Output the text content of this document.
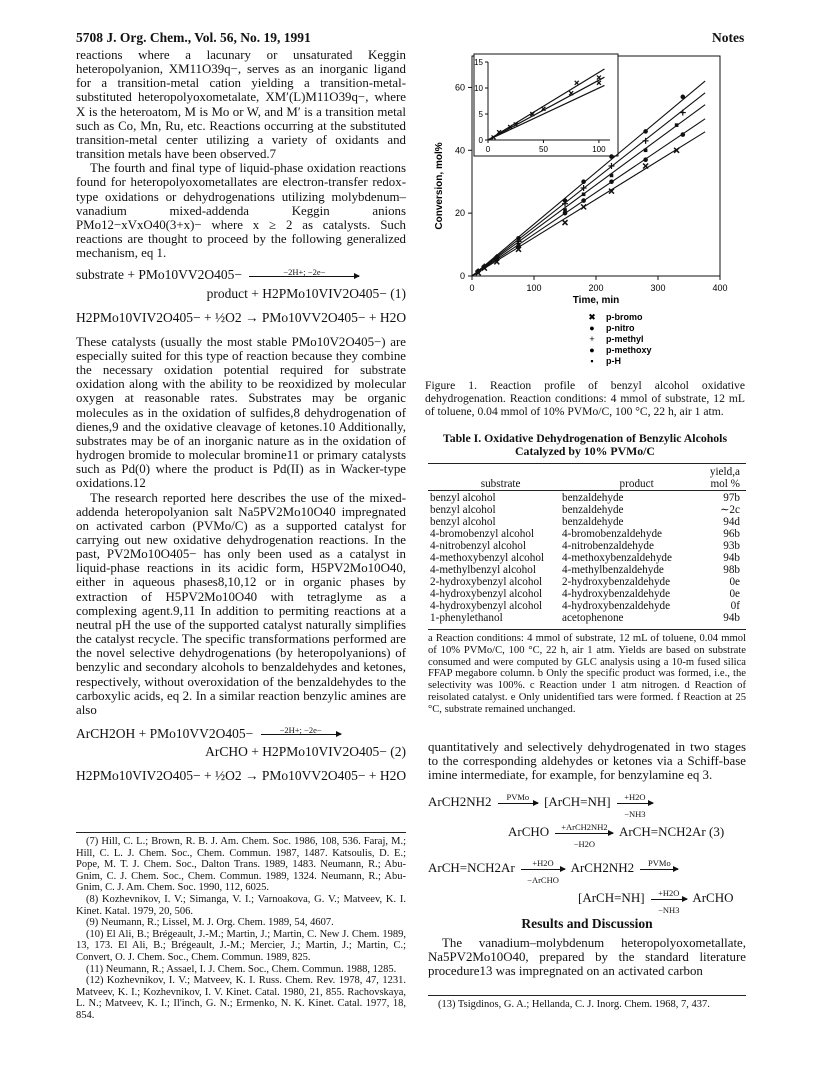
5708 J. Org. Chem., Vol. 56, No. 19, 1991	Notes

reactions where a lacunary or unsaturated Keggin heteropolyanion, XM11O39q−, serves as an inorganic ligand for a transition-metal cation yielding a transition-metal-substituted heteropolyoxometalate, XM′(L)M11O39q−, where X is the heteroatom, M is Mo or W, and M′ is a transition metal such as Co, Mn, Ru, etc. Reactions occurring at the substituted transition-metal center utilizing a variety of oxidants and transition metals have been observed.7

The fourth and final type of liquid-phase oxidation reactions found for heteropolyoxometallates are electron-transfer redox-type oxidations or dehydrogenations utilizing molybdenum–vanadium mixed-addenda Keggin anions PMo12−xVxO40(3+x)− where x ≥ 2 as catalysts. Such reactions are thought to proceed by the following generalized mechanism, eq 1.

substrate + PMo10VV2O405−	−2H+; −2e−
product + H2PMo10VIV2O405− (1)
H2PMo10VIV2O405− + ½O2 → PMo10VV2O405− + H2O

These catalysts (usually the most stable PMo10V2O405−) are especially suited for this type of reaction because they combine the necessary oxidation potential required for substrate oxidation along with the ability to be reoxidized by molecular oxygen at reasonable rates. Substrates may be organic molecules as in the oxidation of sulfides,8 dehydrogenation of dienes,9 and the oxidative cleavage of ketones.10 Additionally, substrates may be of an inorganic nature as in the oxidation of hydrogen bromide to molecular bromine11 or primary catalysts such as Pd(0) where the product is Pd(II) as in Wacker-type oxidations.12

The research reported here describes the use of the mixed-addenda heteropolyanion salt Na5PV2Mo10O40 impregnated on activated carbon (PVMo/C) as a supported catalyst for carrying out new oxidative dehydrogenation reactions. In the past, PV2Mo10O405− has only been used as a catalyst in liquid-phase reactions in its acidic form, H5PV2Mo10O40, either in aqueous phases8,10,12 or in organic phases by extraction of H5PV2Mo10O40 with tetraglyme as a complexing agent.9,11 In addition to permiting reactions at a neutral pH the use of the supported catalyst naturally simplifies the catalyst recycle. The specific transformations performed are the novel selective dehydrogenations (by heteropolyanions) of benzylic and secondary alcohols to benzaldehydes and ketones, respectively, without overoxidation of the benzaldehydes to the carboxylic acids, eq 2. In a similar reaction benzylic amines are also

ArCH2OH + PMo10VV2O405−	−2H+; −2e−
ArCHO + H2PMo10VIV2O405− (2)
H2PMo10VIV2O405− + ½O2 → PMo10VV2O405− + H2O

(7) Hill, C. L.; Brown, R. B. J. Am. Chem. Soc. 1986, 108, 536. Faraj, M.; Hill, C. L. J. Chem. Soc., Chem. Commun. 1987, 1487. Katsoulis, D. E.; Pope, M. T. J. Chem. Soc., Dalton Trans. 1989, 1483. Neumann, R.; Abu-Gnim, C. J. Chem. Soc., Chem. Commun. 1989, 1324. Neumann, R.; Abu-Gnim, C. J. Am. Chem. Soc. 1990, 112, 6025.

(8) Kozhevnikov, I. V.; Simanga, V. I.; Varnoakova, G. V.; Matveev, K. I. Kinet. Katal. 1979, 20, 506.

(9) Neumann, R.; Lissel, M. J. Org. Chem. 1989, 54, 4607.

(10) El Ali, B.; Brégeault, J.-M.; Martin, J.; Martin, C. New J. Chem. 1989, 13, 173. El Ali, B.; Brégeault, J.-M.; Mercier, J.; Martin, J.; Martin, C.; Convert, O. J. Chem. Soc., Chem. Commun. 1989, 825.

(11) Neumann, R.; Assael, I. J. Chem. Soc., Chem. Commun. 1988, 1285.

(12) Kozhevnikov, I. V.; Matveev, K. I. Russ. Chem. Rev. 1978, 47, 1231. Matveev, K. I.; Kozhevnikov, I. V. Kinet. Catal. 1980, 21, 855. Rachovskaya, L. N.; Matveev, K. I.; Il'inch, G. N.; Ermenko, N. K. Kinet. Catal. 1977, 18, 854.

0	100	200	300	400
0
20
40
60
Time, min
Conversion, mol%	0	50	100
0
5
10
15
✖ p-bromo
● p-nitro
+ p-methyl
● p-methoxy
▪ p-H
Figure 1. Reaction profile of benzyl alcohol oxidative dehydrogenation. Reaction conditions: 4 mmol of substrate, 12 mL of toluene, 0.04 mmol of 10% PVMo/C, 100 °C, 22 h, air 1 atm.
Table I. Oxidative Dehydrogenation of Benzylic Alcohols Catalyzed by 10% PVMo/C
substrate	product	yield,a mol %
benzyl alcohol	benzaldehyde	97b
benzyl alcohol	benzaldehyde	∼2c
benzyl alcohol	benzaldehyde	94d
4-bromobenzyl alcohol	4-bromobenzaldehyde	96b
4-nitrobenzyl alcohol	4-nitrobenzaldehyde	93b
4-methoxybenzyl alcohol	4-methoxybenzaldehyde	94b
4-methylbenzyl alcohol	4-methylbenzaldehyde	98b
2-hydroxybenzyl alcohol	2-hydroxybenzaldehyde	0e
4-hydroxybenzyl alcohol	4-hydroxybenzaldehyde	0e
4-hydroxybenzyl alcohol	4-hydroxybenzaldehyde	0f
1-phenylethanol	acetophenone	94b
a Reaction conditions: 4 mmol of substrate, 12 mL of toluene, 0.04 mmol of 10% PVMo/C, 100 °C, 22 h, air 1 atm. Yields are based on substrate consumed and were computed by GLC analysis using a 10-m fused silica FFAP megabore column. b Only the specific product was formed, i.e., the selectivity was 100%. c Reaction under 1 atm nitrogen. d Reaction of reisolated catalyst. e Only unidentified tars were formed. f Reaction at 25 °C, substrate remained unchanged.

quantitatively and selectively dehydrogenated in two stages to the corresponding aldehydes or ketones via a Schiff-base imine intermediate, for example, for benzylamine eq 3.

ArCH2NH2	PVMo	[ArCH=NH] $\frac{+H2O}{-NH3}$
ArCHO	+ArCH2NH2
−H2O
ArCH=NCH2Ar (3)
ArCH=NCH2Ar	+H2O
−ArCHO
ArCH2NH2	PVMo
[ArCH=NH] $\frac{+H2O}{-NH3}$ ArCHO
Results and Discussion

The vanadium–molybdenum heteropolyoxometallate, Na5PV2Mo10O40, prepared by the standard literature procedure13 was impregnated on an activated carbon

(13) Tsigdinos, G. A.; Hellanda, C. J. Inorg. Chem. 1968, 7, 437.
